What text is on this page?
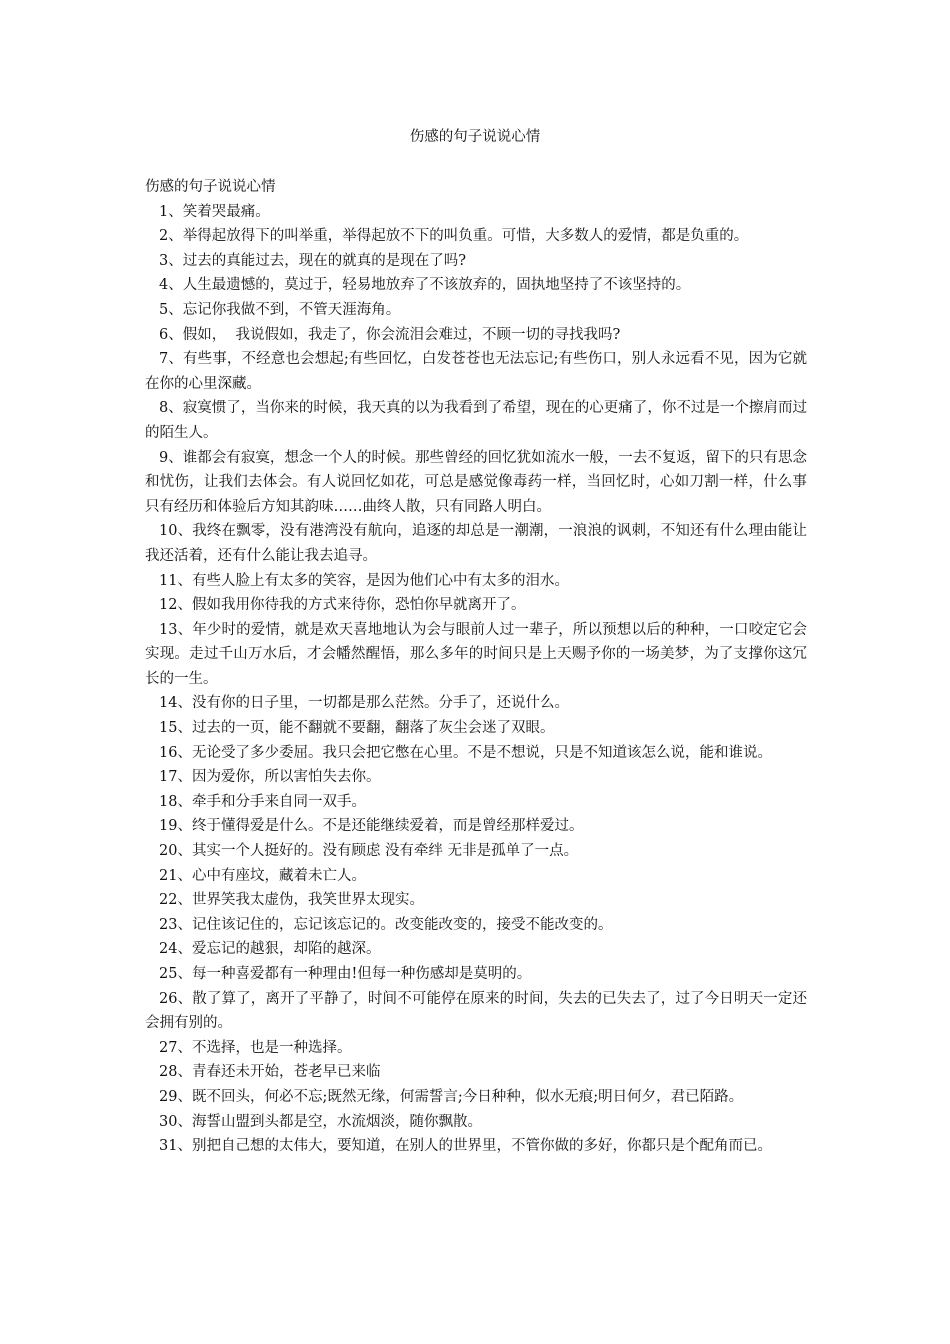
伤感的句子说说心情

伤感的句子说说心情

1、笑着哭最痛。

2、举得起放得下的叫举重，举得起放不下的叫负重。可惜，大多数人的爱情，都是负重的。

3、过去的真能过去，现在的就真的是现在了吗?

4、人生最遗憾的，莫过于，轻易地放弃了不该放弃的，固执地坚持了不该坚持的。

5、忘记你我做不到，不管天涯海角。

6、假如，  我说假如，我走了，你会流泪会难过，不顾一切的寻找我吗?

7、有些事，不经意也会想起;有些回忆，白发苍苍也无法忘记;有些伤口，别人永远看不见，因为它就在你的心里深藏。

8、寂寞惯了，当你来的时候，我天真的以为我看到了希望，现在的心更痛了，你不过是一个擦肩而过的陌生人。

9、谁都会有寂寞，想念一个人的时候。那些曾经的回忆犹如流水一般，一去不复返，留下的只有思念和忧伤，让我们去体会。有人说回忆如花，可总是感觉像毒药一样，当回忆时，心如刀割一样，什么事只有经历和体验后方知其韵味……曲终人散，只有同路人明白。

10、我终在飘零，没有港湾没有航向，追逐的却总是一潮潮，一浪浪的讽刺，不知还有什么理由能让我还活着，还有什么能让我去追寻。

11、有些人脸上有太多的笑容，是因为他们心中有太多的泪水。

12、假如我用你待我的方式来待你，恐怕你早就离开了。

13、年少时的爱情，就是欢天喜地地认为会与眼前人过一辈子，所以预想以后的种种，一口咬定它会实现。走过千山万水后，才会幡然醒悟，那么多年的时间只是上天赐予你的一场美梦，为了支撑你这冗长的一生。

14、没有你的日子里，一切都是那么茫然。分手了，还说什么。

15、过去的一页，能不翻就不要翻，翻落了灰尘会迷了双眼。

16、无论受了多少委屈。我只会把它憋在心里。不是不想说，只是不知道该怎么说，能和谁说。

17、因为爱你，所以害怕失去你。

18、牵手和分手来自同一双手。

19、终于懂得爱是什么。不是还能继续爱着，而是曾经那样爱过。

20、其实一个人挺好的。没有顾虑 没有牵绊 无非是孤单了一点。

21、心中有座坟，藏着未亡人。

22、世界笑我太虚伪，我笑世界太现实。

23、记住该记住的，忘记该忘记的。改变能改变的，接受不能改变的。

24、爱忘记的越狠，却陷的越深。

25、每一种喜爱都有一种理由!但每一种伤感却是莫明的。

26、散了算了，离开了平静了，时间不可能停在原来的时间，失去的已失去了，过了今日明天一定还会拥有别的。

27、不选择，也是一种选择。

28、青春还未开始，苍老早已来临

29、既不回头，何必不忘;既然无缘，何需誓言;今日种种，似水无痕;明日何夕，君已陌路。

30、海誓山盟到头都是空，水流烟淡，随你飘散。

31、别把自己想的太伟大，要知道，在别人的世界里，不管你做的多好，你都只是个配角而已。
